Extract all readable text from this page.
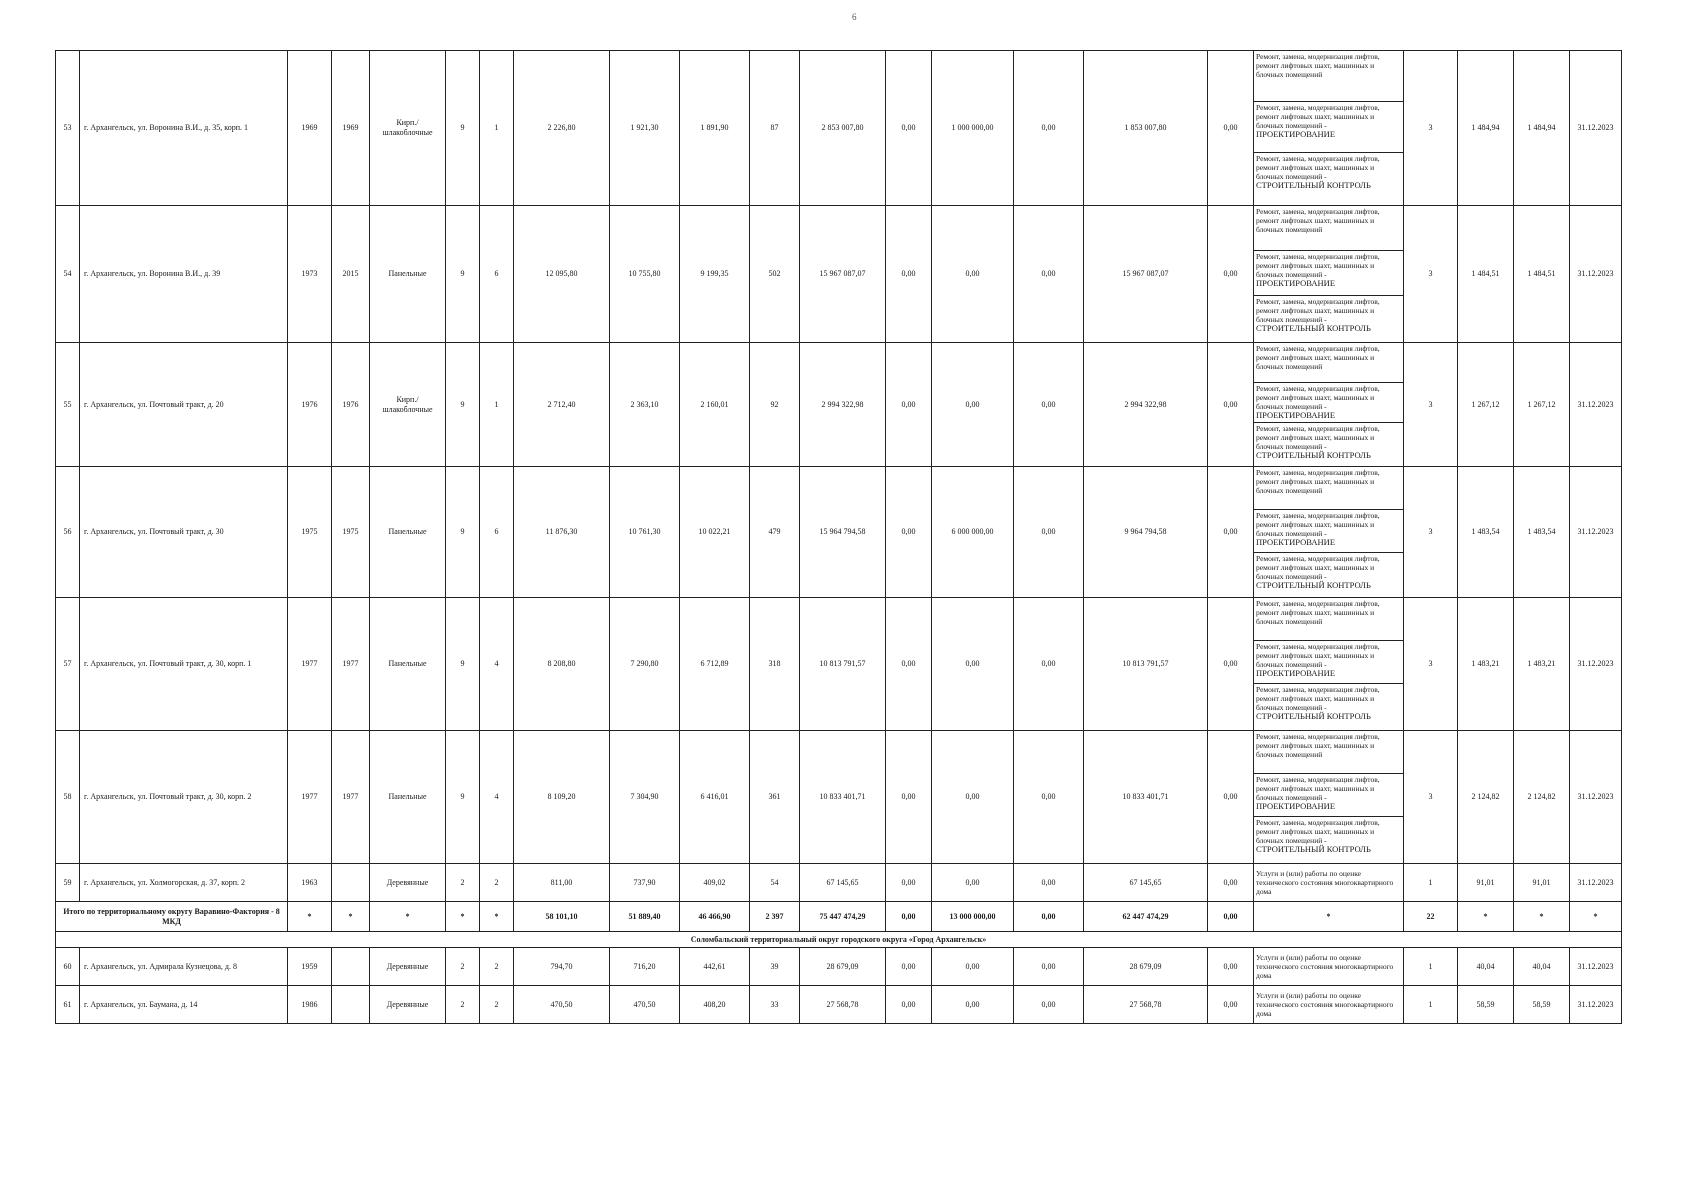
6
53	г. Архангельск, ул. Воронина В.И., д. 35, корп. 1	1969	1969	Кирп./ шлакоблочные	9	1	2 226,80	1 921,30	1 891,90	87	2 853 007,80	0,00	1 000 000,00	0,00	1 853 007,80	0,00	Ремонт, замена, модернизация лифтов, ремонт лифтовых шахт, машинных и блочных помещений
Ремонт, замена, модернизация лифтов, ремонт лифтовых шахт, машинных и блочных помещений -
ПРОЕКТИРОВАНИЕ
Ремонт, замена, модернизация лифтов, ремонт лифтовых шахт, машинных и блочных помещений -
СТРОИТЕЛЬНЫЙ КОНТРОЛЬ	3	1 484,94	1 484,94	31.12.2023
54	г. Архангельск, ул. Воронина В.И., д. 39	1973	2015	Панельные	9	6	12 095,80	10 755,80	9 199,35	502	15 967 087,07	0,00	0,00	0,00	15 967 087,07	0,00	Ремонт, замена, модернизация лифтов, ремонт лифтовых шахт, машинных и блочных помещений
Ремонт, замена, модернизация лифтов, ремонт лифтовых шахт, машинных и блочных помещений -
ПРОЕКТИРОВАНИЕ
Ремонт, замена, модернизация лифтов, ремонт лифтовых шахт, машинных и блочных помещений -
СТРОИТЕЛЬНЫЙ КОНТРОЛЬ	3	1 484,51	1 484,51	31.12.2023
55	г. Архангельск, ул. Почтовый тракт, д. 20	1976	1976	Кирп./ шлакоблочные	9	1	2 712,40	2 363,10	2 160,01	92	2 994 322,98	0,00	0,00	0,00	2 994 322,98	0,00	Ремонт, замена, модернизация лифтов, ремонт лифтовых шахт, машинных и блочных помещений
Ремонт, замена, модернизация лифтов, ремонт лифтовых шахт, машинных и блочных помещений -
ПРОЕКТИРОВАНИЕ
Ремонт, замена, модернизация лифтов, ремонт лифтовых шахт, машинных и блочных помещений -
СТРОИТЕЛЬНЫЙ КОНТРОЛЬ	3	1 267,12	1 267,12	31.12.2023
56	г. Архангельск, ул. Почтовый тракт, д. 30	1975	1975	Панельные	9	6	11 876,30	10 761,30	10 022,21	479	15 964 794,58	0,00	6 000 000,00	0,00	9 964 794,58	0,00	Ремонт, замена, модернизация лифтов, ремонт лифтовых шахт, машинных и блочных помещений
Ремонт, замена, модернизация лифтов, ремонт лифтовых шахт, машинных и блочных помещений -
ПРОЕКТИРОВАНИЕ
Ремонт, замена, модернизация лифтов, ремонт лифтовых шахт, машинных и блочных помещений -
СТРОИТЕЛЬНЫЙ КОНТРОЛЬ	3	1 483,54	1 483,54	31.12.2023
57	г. Архангельск, ул. Почтовый тракт, д. 30, корп. 1	1977	1977	Панельные	9	4	8 208,80	7 290,80	6 712,89	318	10 813 791,57	0,00	0,00	0,00	10 813 791,57	0,00	Ремонт, замена, модернизация лифтов, ремонт лифтовых шахт, машинных и блочных помещений
Ремонт, замена, модернизация лифтов, ремонт лифтовых шахт, машинных и блочных помещений -
ПРОЕКТИРОВАНИЕ
Ремонт, замена, модернизация лифтов, ремонт лифтовых шахт, машинных и блочных помещений -
СТРОИТЕЛЬНЫЙ КОНТРОЛЬ	3	1 483,21	1 483,21	31.12.2023
58	г. Архангельск, ул. Почтовый тракт, д. 30, корп. 2	1977	1977	Панельные	9	4	8 109,20	7 304,90	6 416,01	361	10 833 401,71	0,00	0,00	0,00	10 833 401,71	0,00	Ремонт, замена, модернизация лифтов, ремонт лифтовых шахт, машинных и блочных помещений
Ремонт, замена, модернизация лифтов, ремонт лифтовых шахт, машинных и блочных помещений -
ПРОЕКТИРОВАНИЕ
Ремонт, замена, модернизация лифтов, ремонт лифтовых шахт, машинных и блочных помещений -
СТРОИТЕЛЬНЫЙ КОНТРОЛЬ	3	2 124,82	2 124,82	31.12.2023
59	г. Архангельск, ул. Холмогорская, д. 37, корп. 2	1963		Деревянные	2	2	811,00	737,90	409,02	54	67 145,65	0,00	0,00	0,00	67 145,65	0,00	Услуги и (или) работы по оценке технического состояния многоквартирного дома	1	91,01	91,01	31.12.2023
Итого по территориальному округу Варавино-Фактория - 8 МКД		*	*	*	*	*	58 101,10	51 889,40	46 466,90	2 397	75 447 474,29	0,00	13 000 000,00	0,00	62 447 474,29	0,00	*	22	*	*	*
Соломбальский территориальный округ городского округа «Город Архангельск»																					
60	г. Архангельск, ул. Адмирала Кузнецова, д. 8	1959		Деревянные	2	2	794,70	716,20	442,61	39	28 679,09	0,00	0,00	0,00	28 679,09	0,00	Услуги и (или) работы по оценке технического состояния многоквартирного дома	1	40,04	40,04	31.12.2023
61	г. Архангельск, ул. Баумана, д. 14	1986		Деревянные	2	2	470,50	470,50	408,20	33	27 568,78	0,00	0,00	0,00	27 568,78	0,00	Услуги и (или) работы по оценке технического состояния многоквартирного дома	1	58,59	58,59	31.12.2023
